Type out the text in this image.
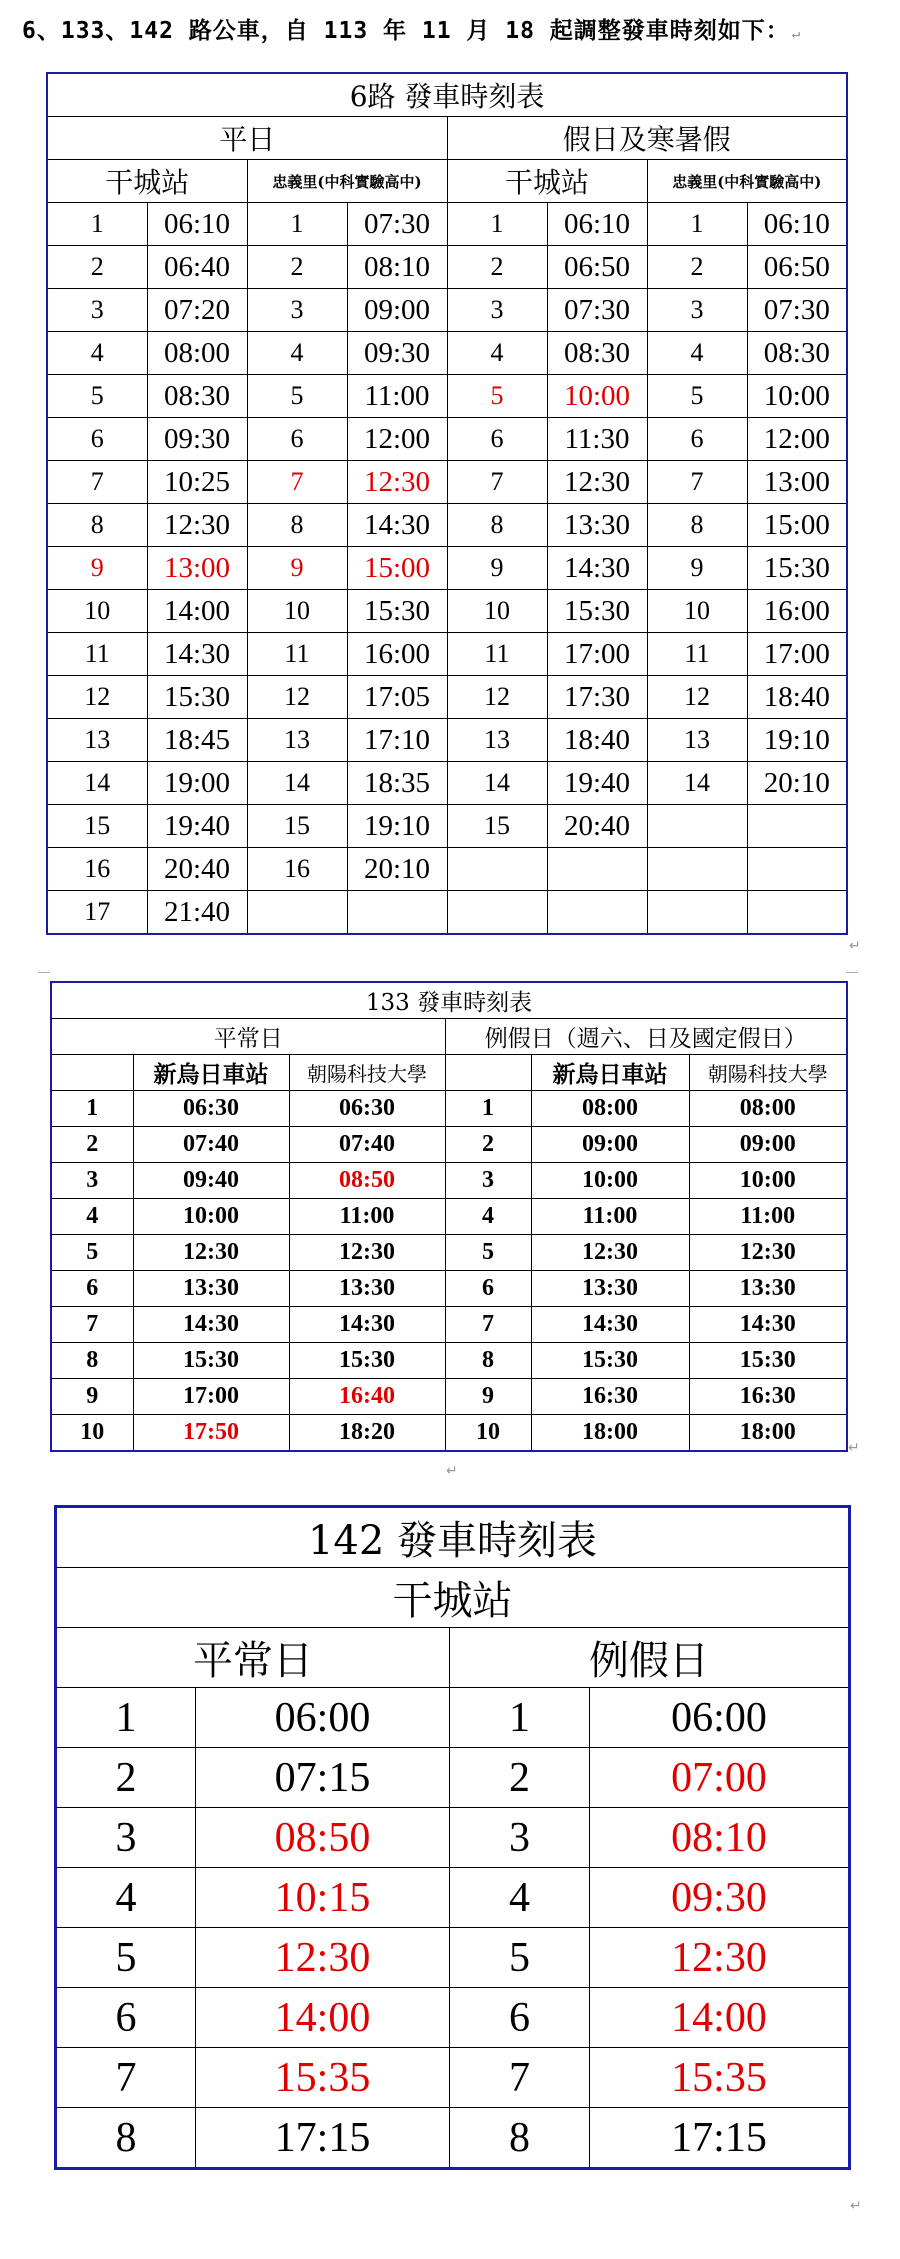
6、133、142 路公車，自 113 年 11 月 18 起調整發車時刻如下： ↵
6路 發車時刻表							
平日				假日及寒暑假			
干城站		忠義里(中科實驗高中)		干城站		忠義里(中科實驗高中)	
1	06:10	1	07:30	1	06:10	1	06:10
2	06:40	2	08:10	2	06:50	2	06:50
3	07:20	3	09:00	3	07:30	3	07:30
4	08:00	4	09:30	4	08:30	4	08:30
5	08:30	5	11:00	5	10:00	5	10:00
6	09:30	6	12:00	6	11:30	6	12:00
7	10:25	7	12:30	7	12:30	7	13:00
8	12:30	8	14:30	8	13:30	8	15:00
9	13:00	9	15:00	9	14:30	9	15:30
10	14:00	10	15:30	10	15:30	10	16:00
11	14:30	11	16:00	11	17:00	11	17:00
12	15:30	12	17:05	12	17:30	12	18:40
13	18:45	13	17:10	13	18:40	13	19:10
14	19:00	14	18:35	14	19:40	14	20:10
15	19:40	15	19:10	15	20:40		
16	20:40	16	20:10				
17	21:40						
↵
133 發車時刻表					
平常日			例假日（週六、日及國定假日）		
	新烏日車站	朝陽科技大學		新烏日車站	朝陽科技大學
1	06:30	06:30	1	08:00	08:00
2	07:40	07:40	2	09:00	09:00
3	09:40	08:50	3	10:00	10:00
4	10:00	11:00	4	11:00	11:00
5	12:30	12:30	5	12:30	12:30
6	13:30	13:30	6	13:30	13:30
7	14:30	14:30	7	14:30	14:30
8	15:30	15:30	8	15:30	15:30
9	17:00	16:40	9	16:30	16:30
10	17:50	18:20	10	18:00	18:00
↵
↵
142 發車時刻表			
干城站			
平常日		例假日	
1	06:00	1	06:00
2	07:15	2	07:00
3	08:50	3	08:10
4	10:15	4	09:30
5	12:30	5	12:30
6	14:00	6	14:00
7	15:35	7	15:35
8	17:15	8	17:15
↵
